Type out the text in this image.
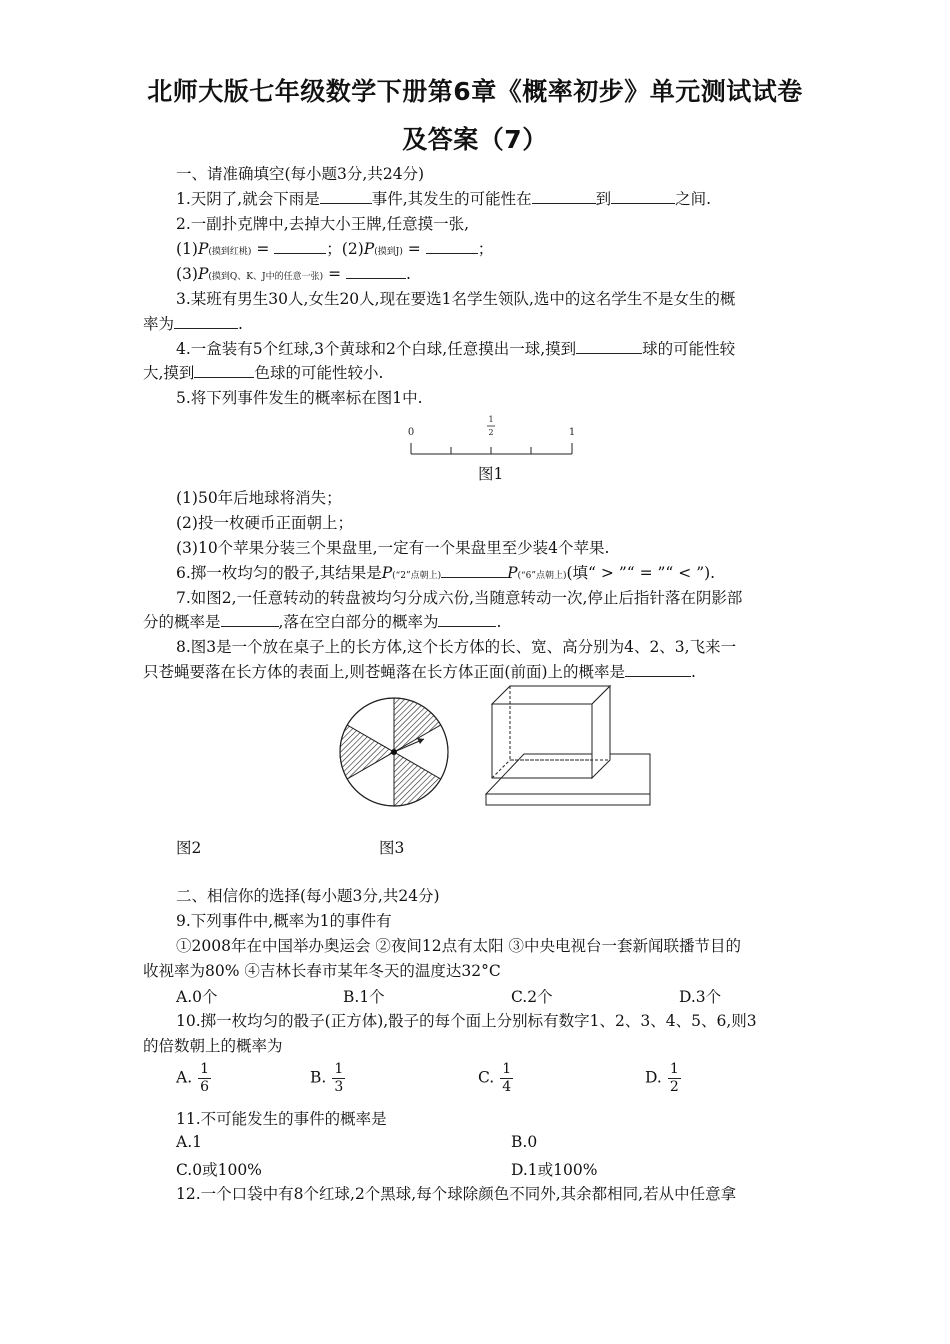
北师大版七年级数学下册第6章《概率初步》单元测试试卷
及答案（7）
一、请准确填空(每小题3分,共24分)
1.天阴了,就会下雨是	事件,其发生的可能性在	到	之间.
2.一副扑克牌中,去掉大小王牌,任意摸一张,
(1)P(摸到红桃) =	；(2)P(摸到J) =	；
(3)P(摸到Q、K、J中的任意一张) =	.
3.某班有男生30人,女生20人,现在要选1名学生领队,选中的这名学生不是女生的概
率为	.
4.一盒装有5个红球,3个黄球和2个白球,任意摸出一球,摸到	球的可能性较
大,摸到	色球的可能性较小.
5.将下列事件发生的概率标在图1中.
0	1
1
2
图1
(1)50年后地球将消失；
(2)投一枚硬币正面朝上；
(3)10个苹果分装三个果盘里,一定有一个果盘里至少装4个苹果.
6.掷一枚均匀的骰子,其结果是P(“2”点朝上)	P(“6”点朝上)(填“ > ”“ = ”“ < ”).
7.如图2,一任意转动的转盘被均匀分成六份,当随意转动一次,停止后指针落在阴影部
分的概率是	,落在空白部分的概率为	.
8.图3是一个放在桌子上的长方体,这个长方体的长、宽、高分别为4、2、3,飞来一
只苍蝇要落在长方体的表面上,则苍蝇落在长方体正面(前面)上的概率是	.
图2	图3
二、相信你的选择(每小题3分,共24分)
9.下列事件中,概率为1的事件有
①2008年在中国举办奥运会 ②夜间12点有太阳 ③中央电视台一套新闻联播节目的
收视率为80% ④吉林长春市某年冬天的温度达32°C
A.0个	B.1个	C.2个	D.3个
10.掷一枚均匀的骰子(正方体),骰子的每个面上分别标有数字1、2、3、4、5、6,则3
的倍数朝上的概率为
A. $\frac{1}{6}$	B. $\frac{1}{3}$	C. $\frac{1}{4}$	D. $\frac{1}{2}$
11.不可能发生的事件的概率是
A.1	B.0
C.0或100%	D.1或100%
12.一个口袋中有8个红球,2个黑球,每个球除颜色不同外,其余都相同,若从中任意拿
